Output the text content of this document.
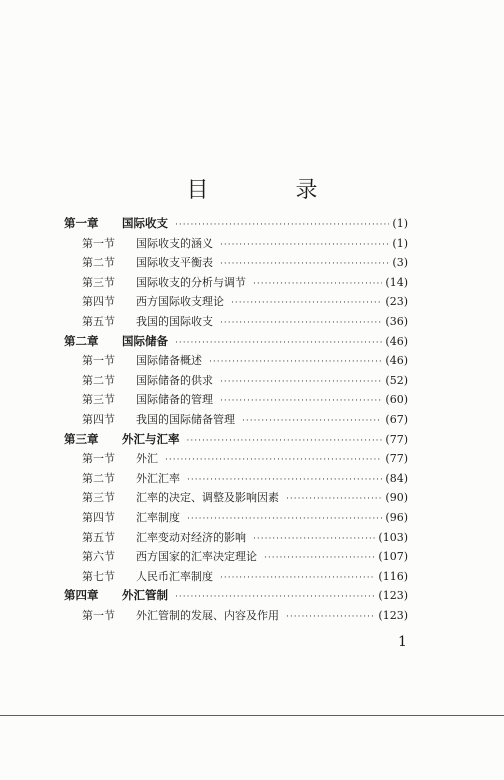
目 录
第一章	国际收支 ·····	(1)
第一节	国际收支的涵义 ·····	(1)
第二节	国际收支平衡表 ·····	(3)
第三节	国际收支的分析与调节 ·····	(14)
第四节	西方国际收支理论 ·····	(23)
第五节	我国的国际收支 ·····	(36)
第二章	国际储备 ·····	(46)
第一节	国际储备概述 ·····	(46)
第二节	国际储备的供求 ·····	(52)
第三节	国际储备的管理 ·····	(60)
第四节	我国的国际储备管理 ·····	(67)
第三章	外汇与汇率 ·····	(77)
第一节	外汇 ·····	(77)
第二节	外汇汇率 ·····	(84)
第三节	汇率的决定、调整及影响因素 ·····	(90)
第四节	汇率制度 ·····	(96)
第五节	汇率变动对经济的影响 ·····	(103)
第六节	西方国家的汇率决定理论 ·····	(107)
第七节	人民币汇率制度 ·····	(116)
第四章	外汇管制 ·····	(123)
第一节	外汇管制的发展、内容及作用 ·····	(123)
1
